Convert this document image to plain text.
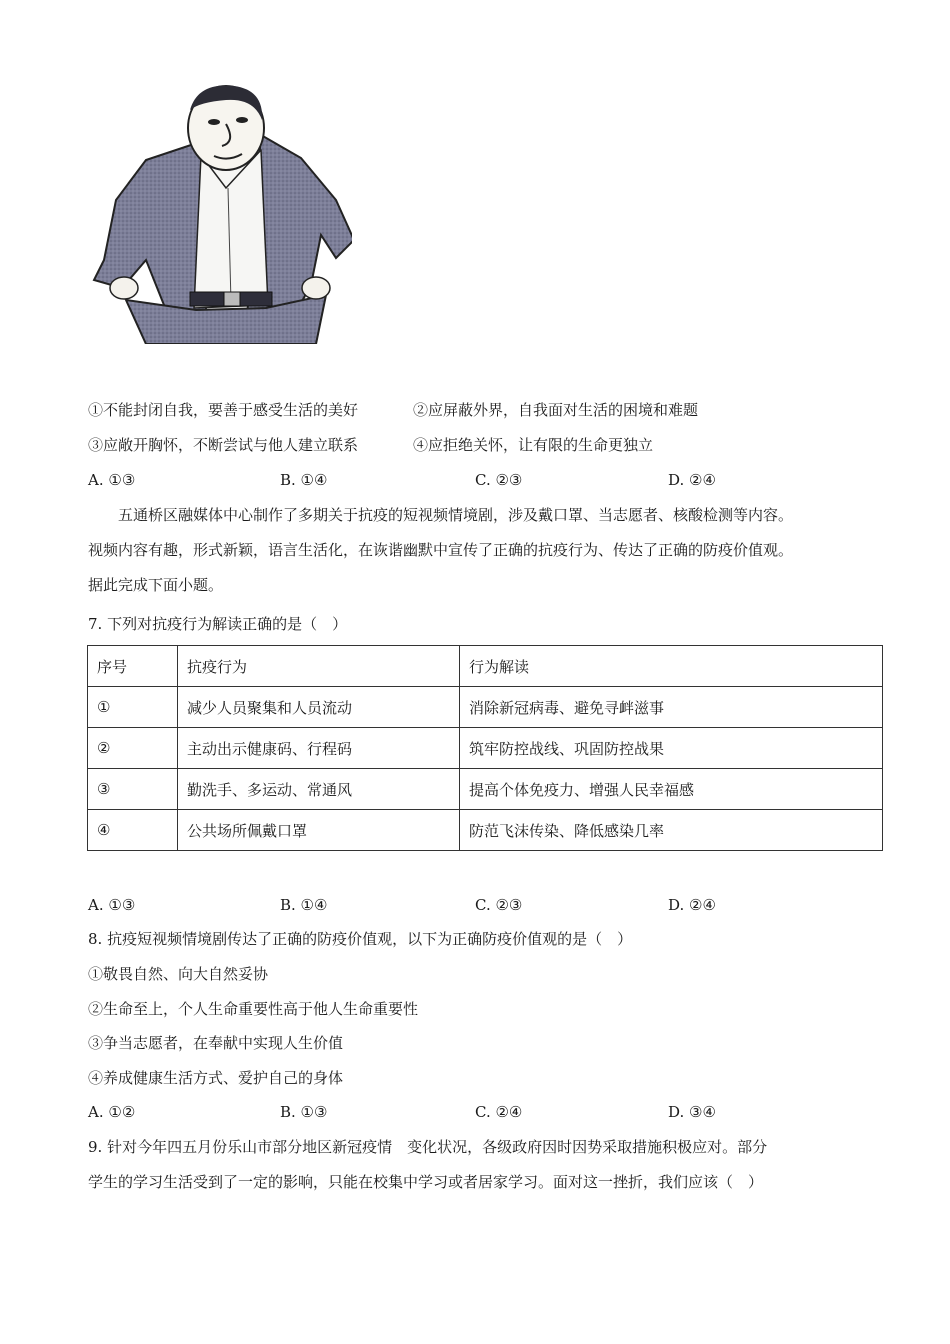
①不能封闭自我，要善于感受生活的美好	②应屏蔽外界，自我面对生活的困境和难题
③应敞开胸怀，不断尝试与他人建立联系	④应拒绝关怀，让有限的生命更独立
A. ①③	B. ①④	C. ②③	D. ②④
五通桥区融媒体中心制作了多期关于抗疫的短视频情境剧，涉及戴口罩、当志愿者、核酸检测等内容。
视频内容有趣，形式新颖，语言生活化，在诙谐幽默中宣传了正确的抗疫行为、传达了正确的防疫价值观。
据此完成下面小题。
7. 下列对抗疫行为解读正确的是（　）
序号	抗疫行为	行为解读
①	减少人员聚集和人员流动	消除新冠病毒、避免寻衅滋事
②	主动出示健康码、行程码	筑牢防控战线、巩固防控战果
③	勤洗手、多运动、常通风	提高个体免疫力、增强人民幸福感
④	公共场所佩戴口罩	防范飞沫传染、降低感染几率
A. ①③	B. ①④	C. ②③	D. ②④
8. 抗疫短视频情境剧传达了正确的防疫价值观，以下为正确防疫价值观的是（　）
①敬畏自然、向大自然妥协
②生命至上，个人生命重要性高于他人生命重要性
③争当志愿者，在奉献中实现人生价值
④养成健康生活方式、爱护自己的身体
A. ①②	B. ①③	C. ②④	D. ③④
9. 针对今年四五月份乐山市部分地区新冠疫情　变化状况，各级政府因时因势采取措施积极应对。部分
学生的学习生活受到了一定的影响，只能在校集中学习或者居家学习。面对这一挫折，我们应该（　）
